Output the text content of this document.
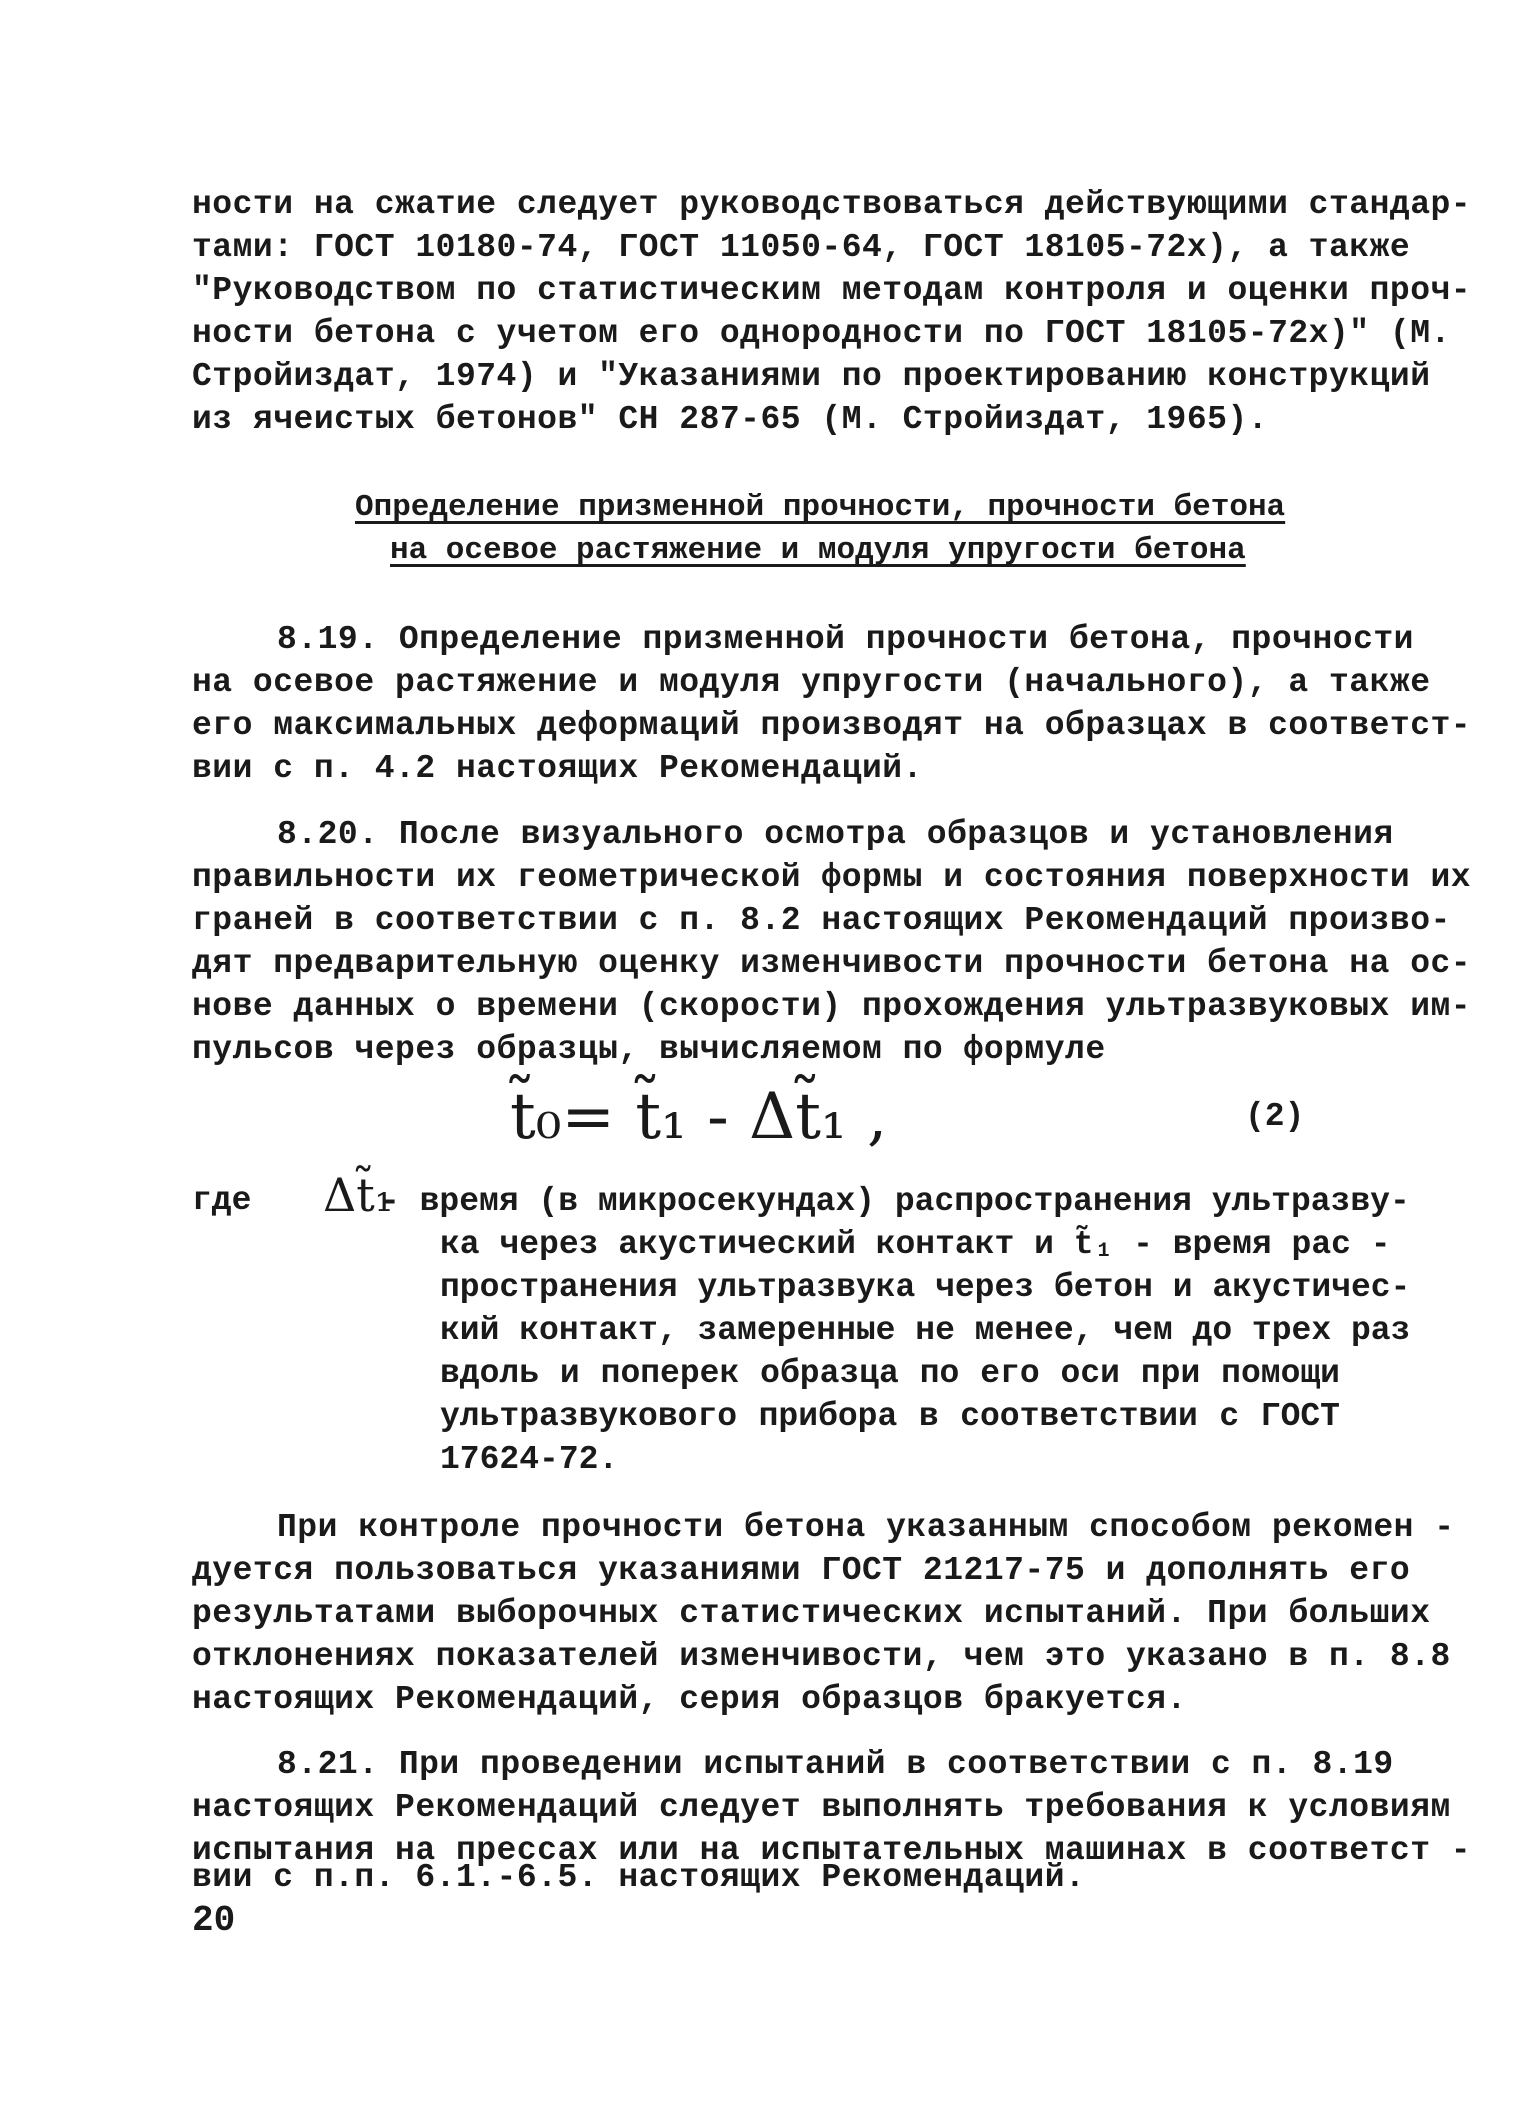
ности на сжатие следует руководствоваться действующими стандар-
тами: ГОСТ 10180-74, ГОСТ 11050-64, ГОСТ 18105-72x), а также
"Руководством по статистическим методам контроля и оценки проч-
ности бетона с учетом его однородности по ГОСТ 18105-72x)" (М.
Стройиздат, 1974) и "Указаниями по проектированию конструкций
из ячеистых бетонов" СН 287-65 (М. Стройиздат, 1965).
Определение призменной прочности, прочности бетона
на осевое растяжение и модуля упругости бетона
8.19. Определение призменной прочности бетона, прочности
на осевое растяжение и модуля упругости (начального), а также
его максимальных деформаций производят на образцах в соответст-
вии с п. 4.2 настоящих Рекомендаций.
8.20. После визуального осмотра образцов и установления
правильности их геометрической формы и состояния поверхности их
граней в соответствии с п. 8.2 настоящих Рекомендаций произво-
дят предварительную оценку изменчивости прочности бетона на ос-
нове данных о времени (скорости) прохождения ультразвуковых им-
пульсов через образцы, вычисляемом по формуле
t̃₀= t̃₁ - Δt̃₁ ,	(2)
где Δt̃₁
- время (в микросекундах) распространения ультразву-
ка через акустический контакт и t̃₁ - время рас -
пространения ультразвука через бетон и акустичес-
кий контакт, замеренные не менее, чем до трех раз
вдоль и поперек образца по его оси при помощи
ультразвукового прибора в соответствии с ГОСТ
17624-72.
При контроле прочности бетона указанным способом рекомен -
дуется пользоваться указаниями ГОСТ 21217-75 и дополнять его
результатами выборочных статистических испытаний. При больших
отклонениях показателей изменчивости, чем это указано в п. 8.8
настоящих Рекомендаций, серия образцов бракуется.
8.21. При проведении испытаний в соответствии с п. 8.19
настоящих Рекомендаций следует выполнять требования к условиям
испытания на прессах или на испытательных машинах в соответст -
вии с п.п. 6.1.-6.5. настоящих Рекомендаций.
20
